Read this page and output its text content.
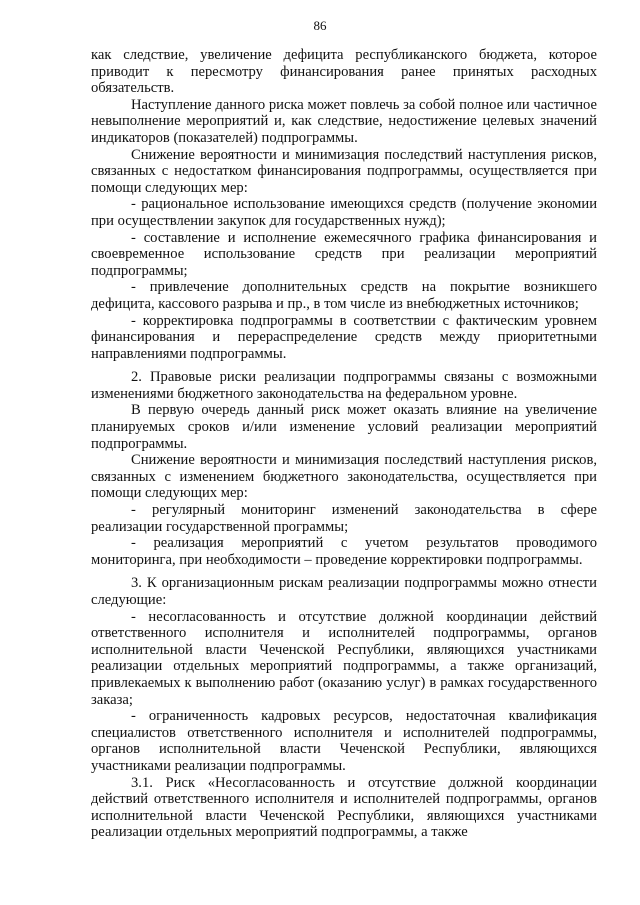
86

как следствие, увеличение дефицита республиканского бюджета, которое приводит к пересмотру финансирования ранее принятых расходных обязательств.

Наступление данного риска может повлечь за собой полное или частичное невыполнение мероприятий и, как следствие, недостижение целевых значений индикаторов (показателей) подпрограммы.

Снижение вероятности и минимизация последствий наступления рисков, связанных с недостатком финансирования подпрограммы, осуществляется при помощи следующих мер:

- рациональное использование имеющихся средств (получение экономии при осуществлении закупок для государственных нужд);

- составление и исполнение ежемесячного графика финансирования и своевременное использование средств при реализации мероприятий подпрограммы;

- привлечение дополнительных средств на покрытие возникшего дефицита, кассового разрыва и пр., в том числе из внебюджетных источников;

- корректировка подпрограммы в соответствии с фактическим уровнем финансирования и перераспределение средств между приоритетными направлениями подпрограммы.

2. Правовые риски реализации подпрограммы связаны с возможными изменениями бюджетного законодательства на федеральном уровне.

В первую очередь данный риск может оказать влияние на увеличение планируемых сроков и/или изменение условий реализации мероприятий подпрограммы.

Снижение вероятности и минимизация последствий наступления рисков, связанных с изменением бюджетного законодательства, осуществляется при помощи следующих мер:

- регулярный мониторинг изменений законодательства в сфере реализации государственной программы;

- реализация мероприятий с учетом результатов проводимого мониторинга, при необходимости – проведение корректировки подпрограммы.

3. К организационным рискам реализации подпрограммы можно отнести следующие:

- несогласованность и отсутствие должной координации действий ответственного исполнителя и исполнителей подпрограммы, органов исполнительной власти Чеченской Республики, являющихся участниками реализации отдельных мероприятий подпрограммы, а также организаций, привлекаемых к выполнению работ (оказанию услуг) в рамках государственного заказа;

- ограниченность кадровых ресурсов, недостаточная квалификация специалистов ответственного исполнителя и исполнителей подпрограммы, органов исполнительной власти Чеченской Республики, являющихся участниками реализации подпрограммы.

3.1. Риск «Несогласованность и отсутствие должной координации действий ответственного исполнителя и исполнителей подпрограммы, органов исполнительной власти Чеченской Республики, являющихся участниками реализации отдельных мероприятий подпрограммы, а также
